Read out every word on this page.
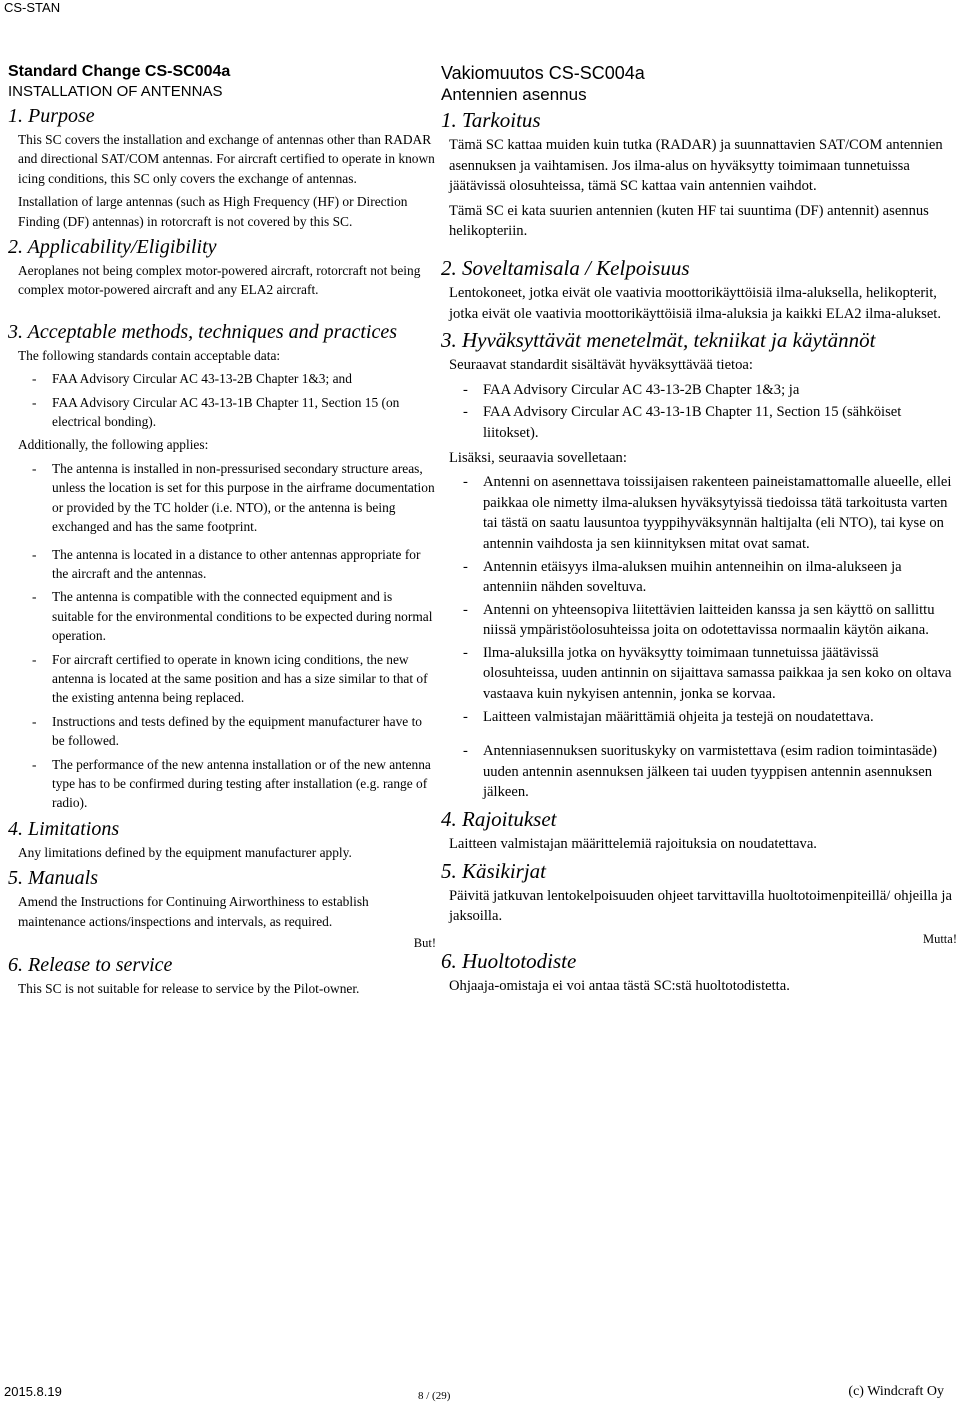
CS-STAN
Standard Change CS-SC004a
INSTALLATION OF ANTENNAS
1. Purpose

This SC covers the installation and exchange of antennas other than RADAR and directional SAT/COM antennas. For aircraft certified to operate in known icing conditions, this SC only covers the exchange of antennas.

Installation of large antennas (such as High Frequency (HF) or Direction Finding (DF) antennas) in rotorcraft is not covered by this SC.

2. Applicability/Eligibility

Aeroplanes not being complex motor-powered aircraft, rotorcraft not being complex motor-powered aircraft and any ELA2 aircraft.

3. Acceptable methods, techniques and practices

The following standards contain acceptable data:

- FAA Advisory Circular AC 43-13-2B Chapter 1&3; and
- FAA Advisory Circular AC 43-13-1B Chapter 11, Section 15 (on electrical bonding).

Additionally, the following applies:

- The antenna is installed in non-pressurised secondary structure areas, unless the location is set for this purpose in the airframe documentation or provided by the TC holder (i.e. NTO), or the antenna is being exchanged and has the same footprint.
- The antenna is located in a distance to other antennas appropriate for the aircraft and the antennas.
- The antenna is compatible with the connected equipment and is suitable for the environmental conditions to be expected during normal operation.
- For aircraft certified to operate in known icing conditions, the new antenna is located at the same position and has a size similar to that of the existing antenna being replaced.
- Instructions and tests defined by the equipment manufacturer have to be followed.
- The performance of the new antenna installation or of the new antenna type has to be confirmed during testing after installation (e.g. range of radio).
4. Limitations

Any limitations defined by the equipment manufacturer apply.

5. Manuals

Amend the Instructions for Continuing Airworthiness to establish maintenance actions/inspections and intervals, as required.

But!
6. Release to service

This SC is not suitable for release to service by the Pilot-owner.

Vakiomuutos CS-SC004a
Antennien asennus
1. Tarkoitus

Tämä SC kattaa muiden kuin tutka (RADAR) ja suunnattavien SAT/COM antennien asennuksen ja vaihtamisen. Jos ilma-alus on hyväksytty toimimaan tunnetuissa jäätävissä olosuhteissa, tämä SC kattaa vain antennien vaihdot.

Tämä SC ei kata suurien antennien (kuten HF tai suuntima (DF) antennit) asennus helikopteriin.

2. Soveltamisala / Kelpoisuus

Lentokoneet, jotka eivät ole vaativia moottorikäyttöisiä ilma-aluksella, helikopterit, jotka eivät ole vaativia moottorikäyttöisiä ilma-aluksia ja kaikki ELA2 ilma-alukset.

3. Hyväksyttävät menetelmät, tekniikat ja käytännöt

Seuraavat standardit sisältävät hyväksyttävää tietoa:

- FAA Advisory Circular AC 43-13-2B Chapter 1&3; ja
- FAA Advisory Circular AC 43-13-1B Chapter 11, Section 15 (sähköiset liitokset).

Lisäksi, seuraavia sovelletaan:

- Antenni on asennettava toissijaisen rakenteen paineistamattomalle alueelle, ellei paikkaa ole nimetty ilma-aluksen hyväksytyissä tiedoissa tätä tarkoitusta varten tai tästä on saatu lausuntoa tyyppihyväksynnän haltijalta (eli NTO), tai kyse on antennin vaihdosta ja sen kiinnityksen mitat ovat samat.
- Antennin etäisyys ilma-aluksen muihin antenneihin on ilma-alukseen ja antenniin nähden soveltuva.
- Antenni on yhteensopiva liitettävien laitteiden kanssa ja sen käyttö on sallittu niissä ympäristöolosuhteissa joita on odotettavissa normaalin käytön aikana.
- Ilma-aluksilla jotka on hyväksytty toimimaan tunnetuissa jäätävissä olosuhteissa, uuden antinnin on sijaittava samassa paikkaa ja sen koko on oltava vastaava kuin nykyisen antennin, jonka se korvaa.
- Laitteen valmistajan määrittämiä ohjeita ja testejä on noudatettava.
- Antenniasennuksen suorituskyky on varmistettava (esim radion toimintasäde) uuden antennin asennuksen jälkeen tai uuden tyyppisen antennin asennuksen jälkeen.
4. Rajoitukset

Laitteen valmistajan määrittelemiä rajoituksia on noudatettava.

5. Käsikirjat

Päivitä jatkuvan lentokelpoisuuden ohjeet tarvittavilla huoltotoimenpiteillä/ ohjeilla ja jaksoilla.

Mutta!
6. Huoltotodiste

Ohjaaja-omistaja ei voi antaa tästä SC:stä huoltotodistetta.

2015.8.19	8 / (29)	(c) Windcraft Oy
